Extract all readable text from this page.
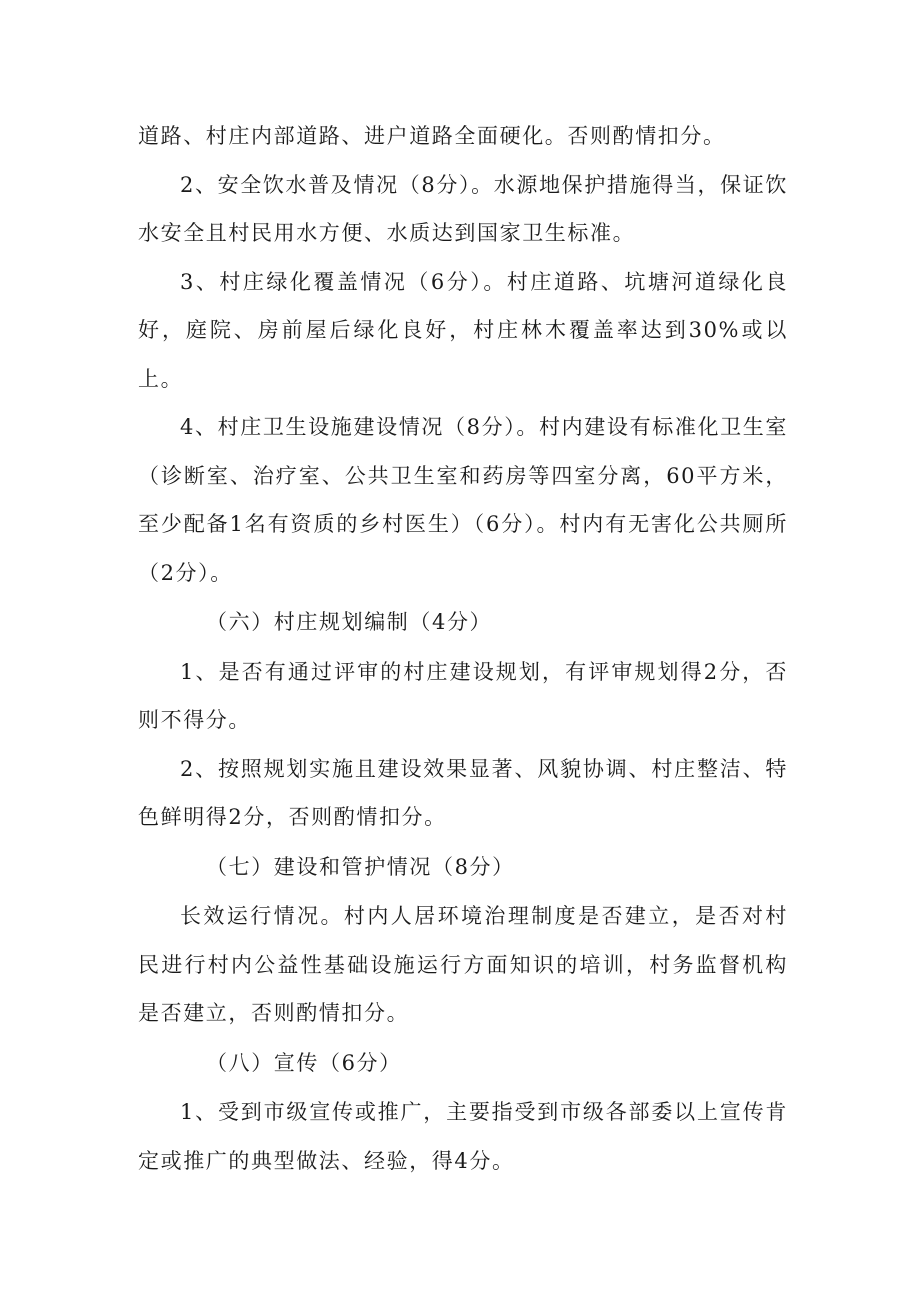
道路、村庄内部道路、进户道路全面硬化。否则酌情扣分。

2、安全饮水普及情况（8分）。水源地保护措施得当，保证饮水安全且村民用水方便、水质达到国家卫生标准。

3、村庄绿化覆盖情况（6分）。村庄道路、坑塘河道绿化良好，庭院、房前屋后绿化良好，村庄林木覆盖率达到30%或以上。

4、村庄卫生设施建设情况（8分）。村内建设有标准化卫生室（诊断室、治疗室、公共卫生室和药房等四室分离，60平方米，至少配备1名有资质的乡村医生）（6分）。村内有无害化公共厕所（2分）。

（六）村庄规划编制（4分）

1、是否有通过评审的村庄建设规划，有评审规划得2分，否则不得分。

2、按照规划实施且建设效果显著、风貌协调、村庄整洁、特色鲜明得2分，否则酌情扣分。

（七）建设和管护情况（8分）

长效运行情况。村内人居环境治理制度是否建立，是否对村民进行村内公益性基础设施运行方面知识的培训，村务监督机构是否建立，否则酌情扣分。

（八）宣传（6分）

1、受到市级宣传或推广，主要指受到市级各部委以上宣传肯定或推广的典型做法、经验，得4分。
